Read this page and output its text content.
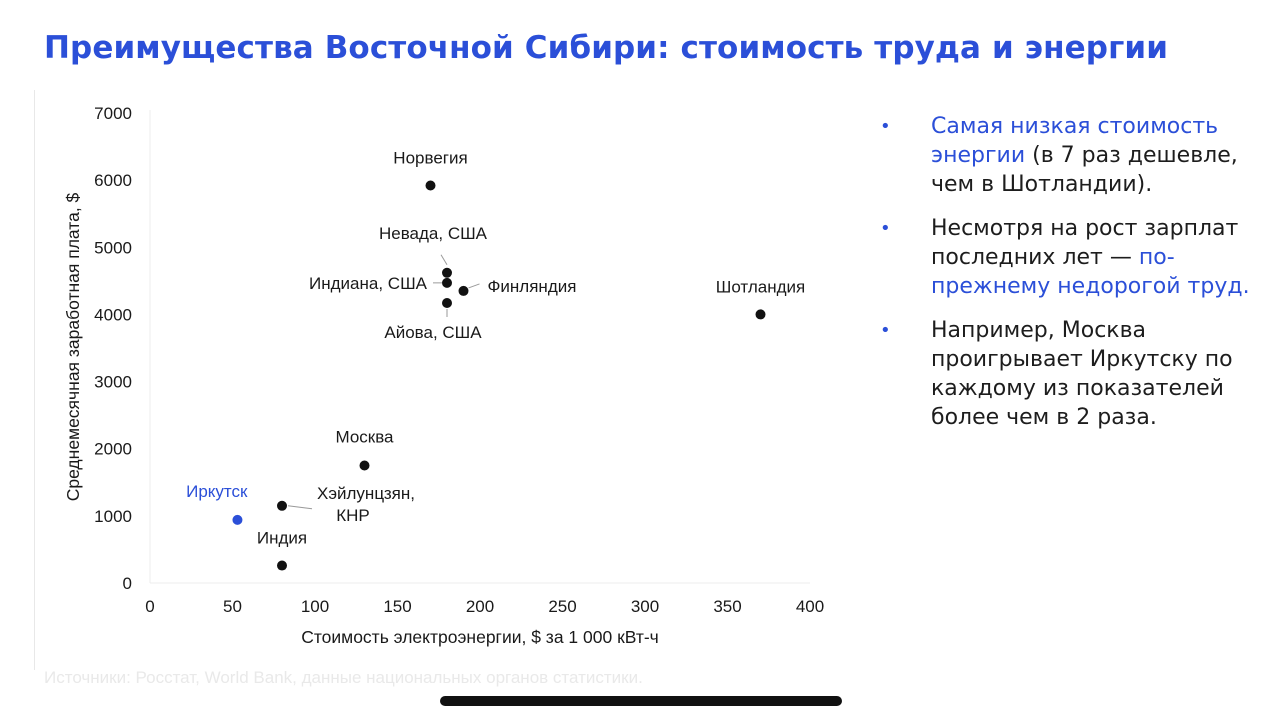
Преимущества Восточной Сибири: стоимость труда и энергии
0
1000
2000
3000
4000
5000
6000
7000
0	50	100	150	200	250	300	350	400
Норвегия
Невада, США
Индиана, США	Финляндия
Айова, США
Шотландия
Москва
Хэйлунцзян, КНР
Иркутск
Индия
Стоимость электроэнергии, $ за 1 000 кВт-ч
Среднемесячная заработная плата, $
• Самая низкая стоимость энергии (в 7 раз дешевле, чем в Шотландии).
• Несмотря на рост зарплат последних лет — по-прежнему недорогой труд.
• Например, Москва проигрывает Иркутску по каждому из показателей более чем в 2 раза.
Источники: Росстат, World Bank, данные национальных органов статистики.
